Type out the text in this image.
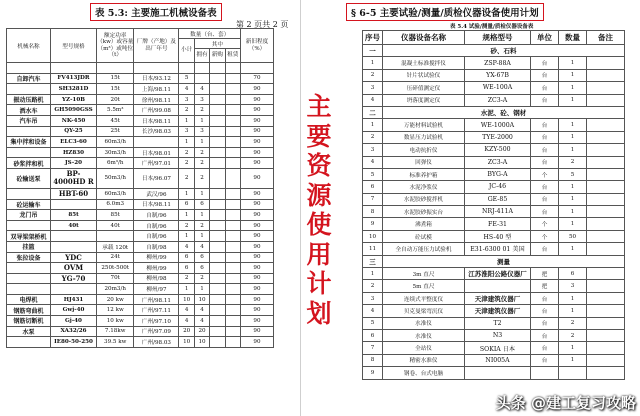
表 5.3: 主要施工机械设备表
第 2 页共 2 页
机械名称	型号规格	额定功率（kw）或容量（m³）或吨位（t）	厂牌（产地）及出厂年号	数量（台、套）				新旧程度（%）
				小计	其中			
					拥有	新购	租赁	

自卸汽车	FV413JDR	15t	日本/93.12	5				70
	SH3281D	15t	上海/98.11	4	4			90
振动压路机	YZ-10B	20t	徐州/98.11	3	3			90
洒水车	GH5090GSS	5.5m³	广州/99.08	2	2			90
汽车吊	NK-450	45t	日本/98.11	1	1			90
	QY-25	25t	长沙/98.03	3	3			90
集中拌和设备	ELC3-60	60m3/h		1	1			90
	HZ830	30m3/h	日本/98.01	2	2			90
砂浆拌和机	JS-20	6m³/h	广州/97.01	2	2			90
砼输送泵	BP-4000HD R	50m3/h	日本/96.07	2	2			90
	HBT-60	60m3/h	武汉/96	1	1			90
砼运输车		6.0m3	日本/98.11	6	6			90
龙门吊	85t	85t	自制/96	1	1			90
	40t	40t	自制/96	2	2			90
双导梁架桥机			自制/96	1	1			90
挂篮		承载 120t	自制/98	4	4			90
张拉设备	YDC	24t	柳州/99	6	6			90
	OVM	250t-500t	柳州/99	6	6			90
	YG-70	70t	柳州/98	2	2			90
		20m3/h	柳州/97	1	1			90
电焊机	HJ431	20 kw	广州/98.11	10	10			90
钢筋弯曲机	Gwj-40	12 kw	广州/97.11	4	4			90
钢筋切断机	Gj-40	10 kw	广州/97.10	4	4			90
水泵	XA32/26	7.18kw	广州/97.09	20	20			90
	IE80-50-250	39.5 kw	广州/98.03	10	10			90
主要资源使用计划
§ 6-5 主要试验/测量/质检仪器设备使用计划
表 5.4 试验/测量/质检仪器设备表
序号	仪器设备名称	规格型号	单位	数量	备注
一	砂、石料				
1	混凝土标准搅拌仪	ZSP-88A	台	1	
2	针片状试验仪	YX-67B	台	1	
3	压碎值测定仪	WE-100A	台	1	
4	坍落度测定仪	ZC3-A	台	1	
二	水泥、砼、钢材				
1	万能材料试验机	WE-1000A	台	1	
2	数显压力试验机	TYE-2000	台	1	
3	电动抗折仪	KZY-500	台	1	
4	回弹仪	ZC3-A	台	2	
5	标准养护箱	BYG-A	个	5	
6	水泥净浆仪	JC-46	台	1	
7	水泥胶砂搅拌机	GE-85	台	1	
8	水泥胶砂振实台	NRJ-411A	台	1	
9	沸煮箱	FE-31	个	1	
10	砼试模	HS-40 型	个	50	
11	全自动万能压力试验机	E31-6300 01 美国	台	1	
三	测量				
1	3m 直尺	江苏淮阳公路仪器厂	把	6	
2	5m 直尺		把	3	
3	连续式平整度仪	天津建筑仪器厂	台	1	
4	贝克曼梁弯沉仪	天津建筑仪器厂	台	1	
5	水准仪	T2	台	2	
6	水准仪	N3	台	2	
7	全站仪	SOKIA 日本	台	1	
8	精密水准仪	NI005A	台	1	
9	钢卷、台式电脑				
头条 @建工复习攻略
